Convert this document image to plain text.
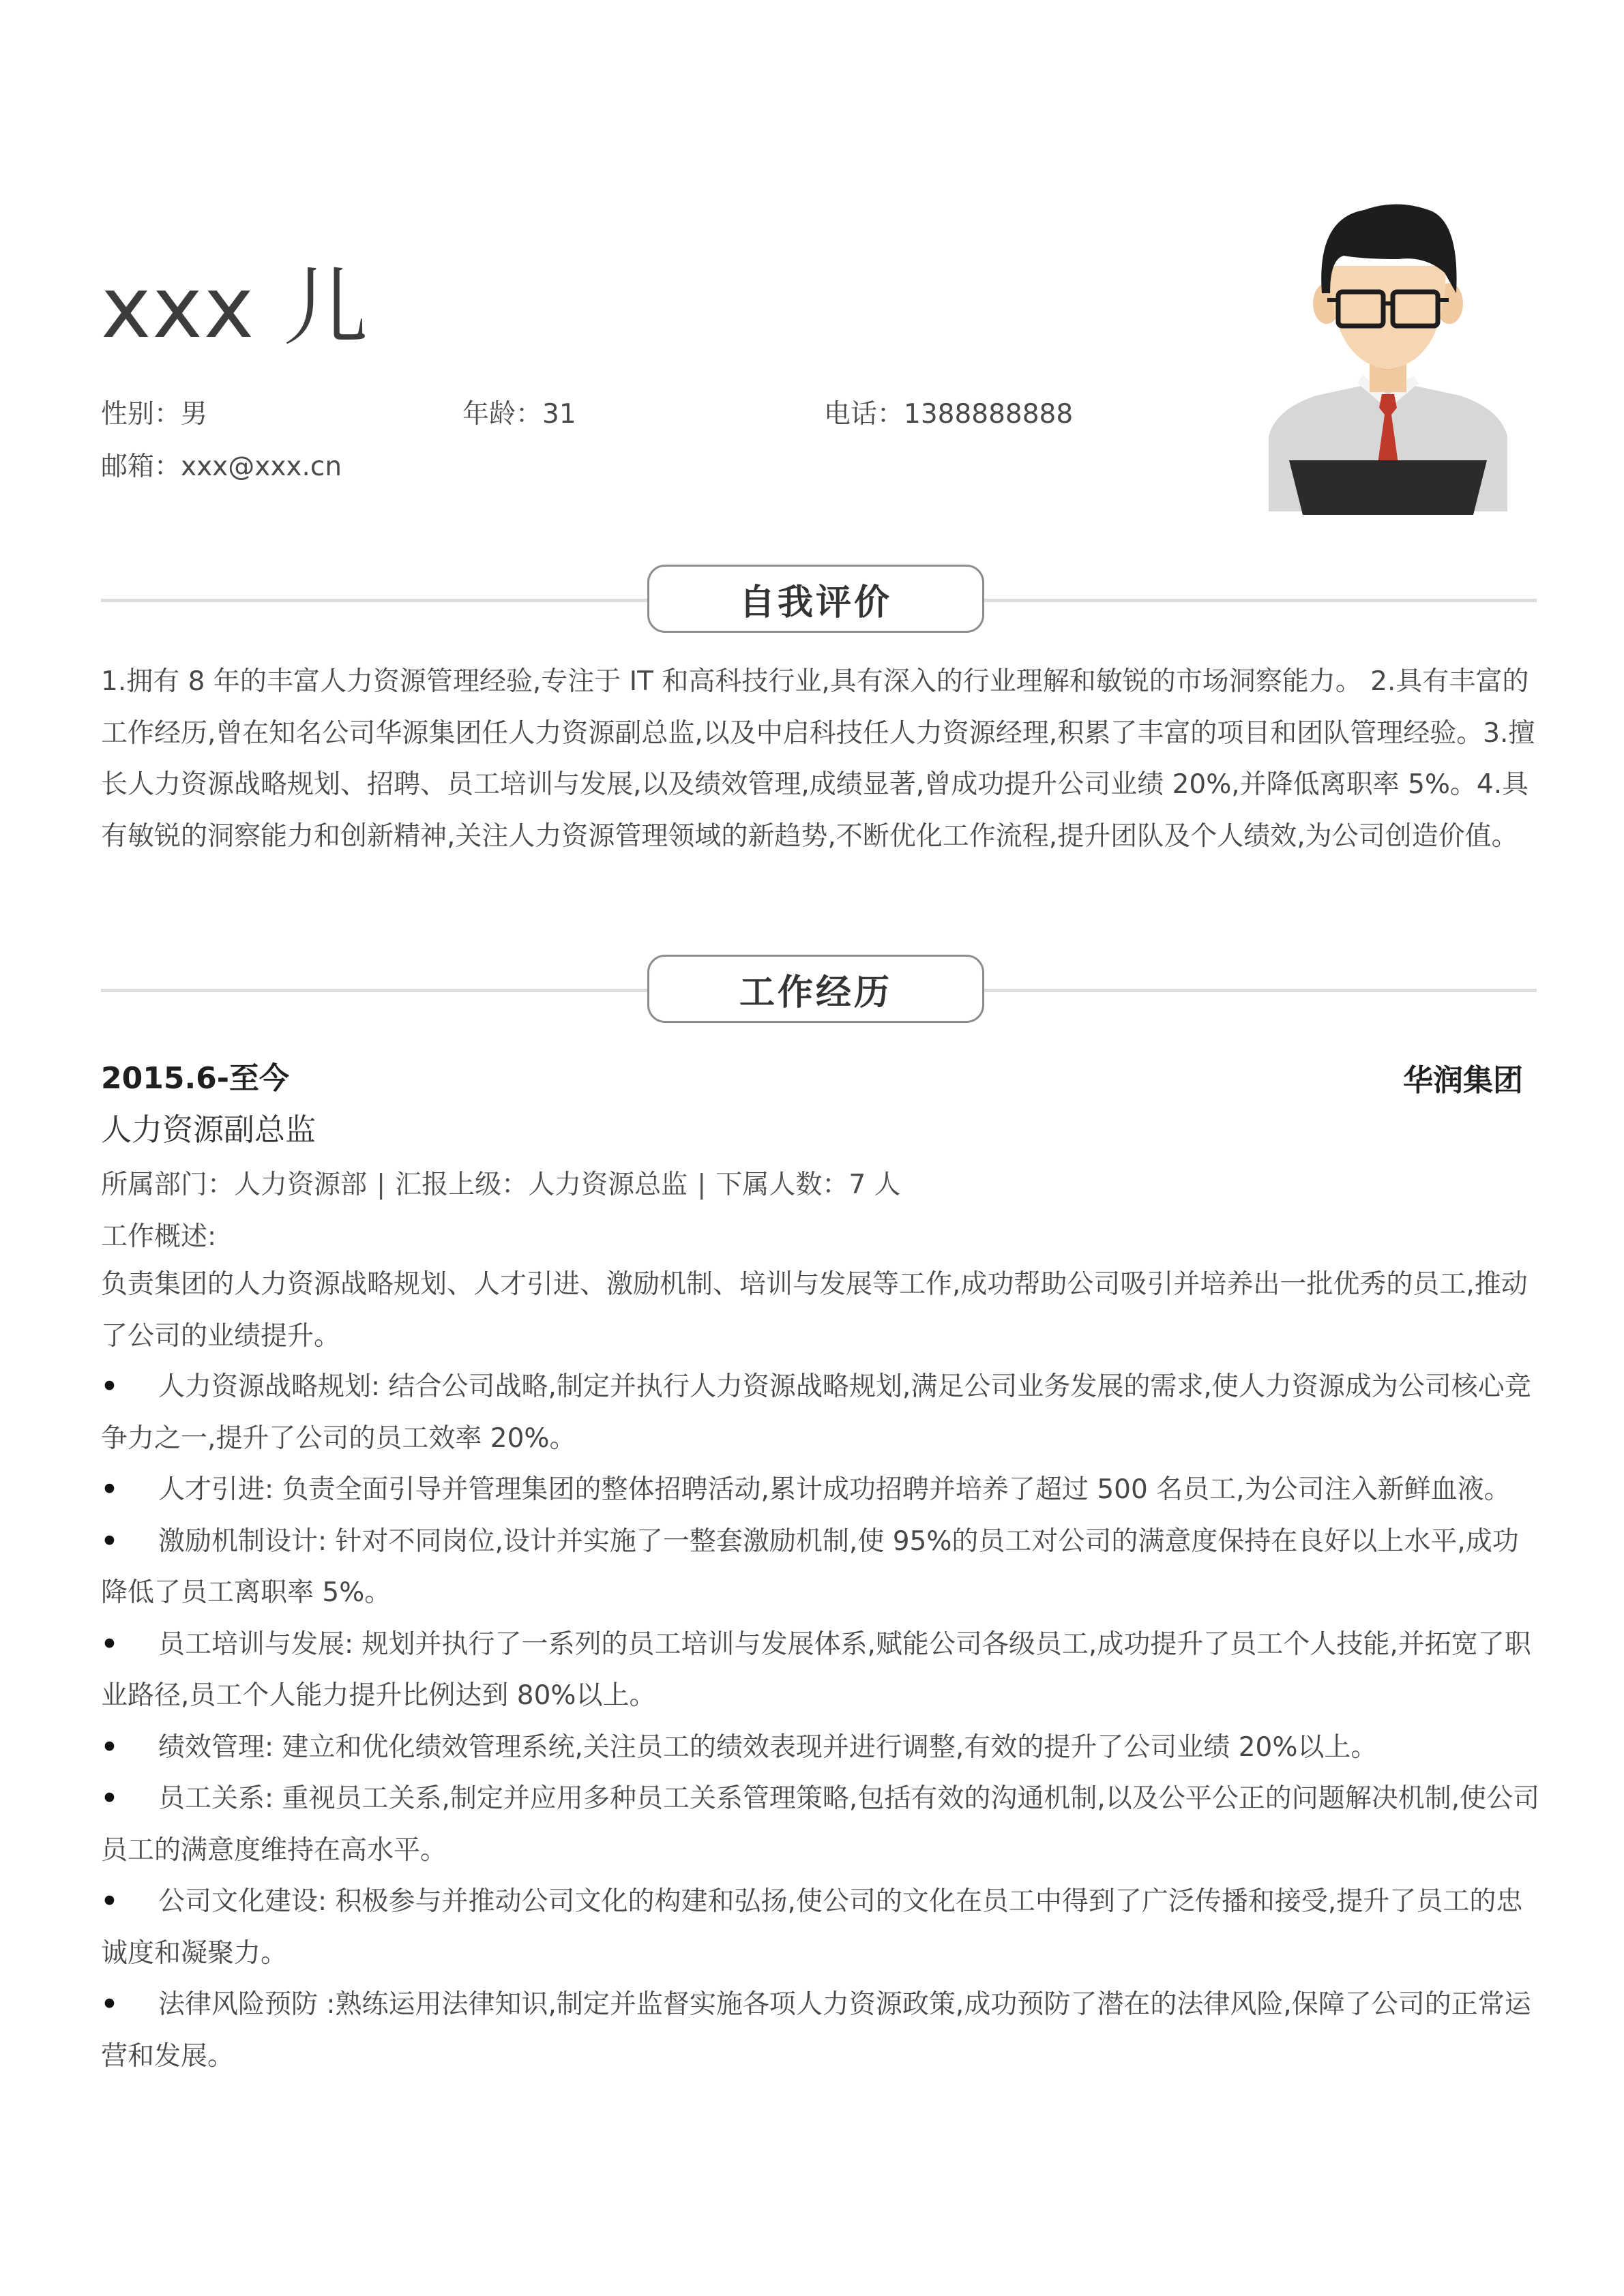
xxx 儿
性别：男	年龄：31	电话：1388888888
邮箱：xxx@xxx.cn
自我评价

1.拥有 8 年的丰富人力资源管理经验,专注于 IT 和高科技行业,具有深入的行业理解和敏锐的市场洞察能力。 2.具有丰富的工作经历,曾在知名公司华源集团任人力资源副总监,以及中启科技任人力资源经理,积累了丰富的项目和团队管理经验。3.擅长人力资源战略规划、招聘、员工培训与发展,以及绩效管理,成绩显著,曾成功提升公司业绩 20%,并降低离职率 5%。4.具有敏锐的洞察能力和创新精神,关注人力资源管理领域的新趋势,不断优化工作流程,提升团队及个人绩效,为公司创造价值。

工作经历
2015.6-至今	华润集团
人力资源副总监
所属部门：人力资源部 | 汇报上级：人力资源总监 | 下属人数：7 人
工作概述:

负责集团的人力资源战略规划、人才引进、激励机制、培训与发展等工作,成功帮助公司吸引并培养出一批优秀的员工,推动了公司的业绩提升。

• 人力资源战略规划: 结合公司战略,制定并执行人力资源战略规划,满足公司业务发展的需求,使人力资源成为公司核心竞争力之一,提升了公司的员工效率 20%。
• 人才引进: 负责全面引导并管理集团的整体招聘活动,累计成功招聘并培养了超过 500 名员工,为公司注入新鲜血液。
• 激励机制设计: 针对不同岗位,设计并实施了一整套激励机制,使 95%的员工对公司的满意度保持在良好以上水平,成功降低了员工离职率 5%。
• 员工培训与发展: 规划并执行了一系列的员工培训与发展体系,赋能公司各级员工,成功提升了员工个人技能,并拓宽了职业路径,员工个人能力提升比例达到 80%以上。
• 绩效管理: 建立和优化绩效管理系统,关注员工的绩效表现并进行调整,有效的提升了公司业绩 20%以上。
• 员工关系: 重视员工关系,制定并应用多种员工关系管理策略,包括有效的沟通机制,以及公平公正的问题解决机制,使公司员工的满意度维持在高水平。
• 公司文化建设: 积极参与并推动公司文化的构建和弘扬,使公司的文化在员工中得到了广泛传播和接受,提升了员工的忠诚度和凝聚力。
• 法律风险预防 :熟练运用法律知识,制定并监督实施各项人力资源政策,成功预防了潜在的法律风险,保障了公司的正常运营和发展。
